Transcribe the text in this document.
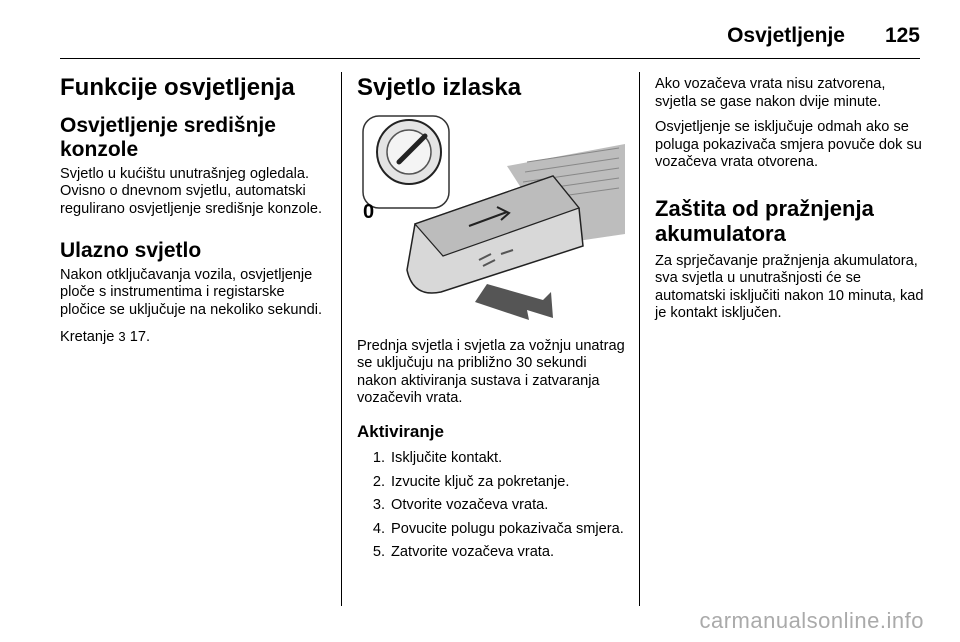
Osvjetljenje 125
Funkcije osvjetljenja
Osvjetljenje središnje konzole

Svjetlo u kućištu unutrašnjeg ogledala. Ovisno o dnevnom svjetlu, automatski regulirano osvjetljenje središnje konzole.

Ulazno svjetlo

Nakon otključavanja vozila, osvjetljenje ploče s instrumentima i registarske pločice se uključuje na nekoliko sekundi.

Kretanje 3 17.

Svjetlo izlaska
0

Prednja svjetla i svjetla za vožnju unatrag se uključuju na približno 30 sekundi nakon aktiviranja sustava i zatvaranja vozačevih vrata.

Aktiviranje
1. Isključite kontakt.
2. Izvucite ključ za pokretanje.
3. Otvorite vozačeva vrata.
4. Povucite polugu pokazivača smjera.
5. Zatvorite vozačeva vrata.

Ako vozačeva vrata nisu zatvorena, svjetla se gase nakon dvije minute.

Osvjetljenje se isključuje odmah ako se poluga pokazivača smjera povuče dok su vozačeva vrata otvorena.

Zaštita od pražnjenja akumulatora

Za sprječavanje pražnjenja akumulatora, sva svjetla u unutrašnjosti će se automatski isključiti nakon 10 minuta, kad je kontakt isključen.

carmanualsonline.info
